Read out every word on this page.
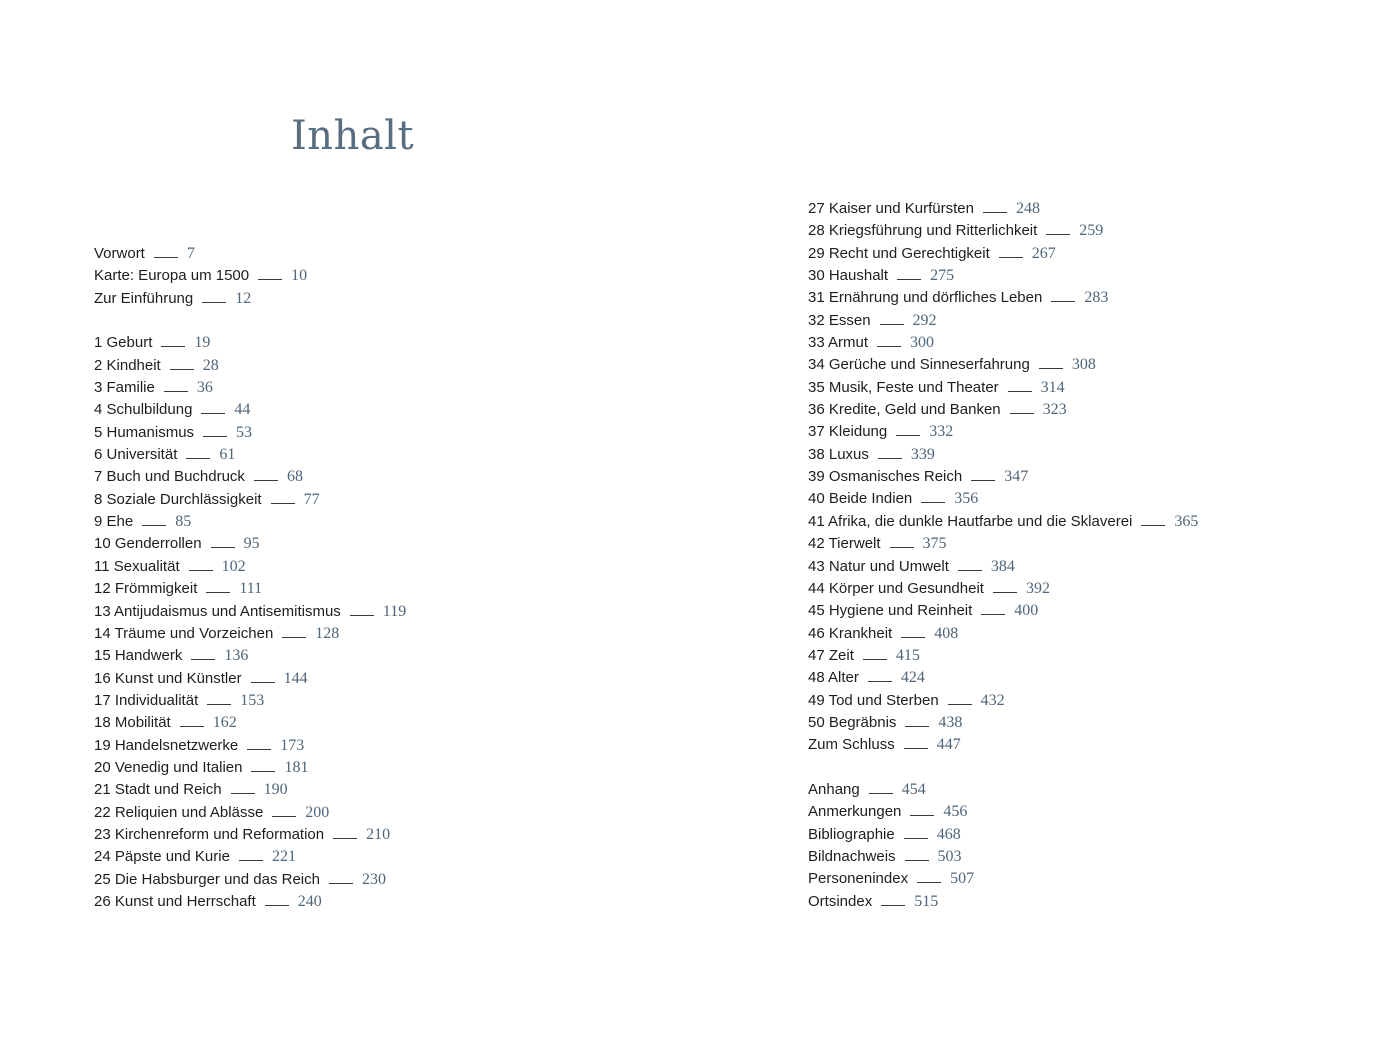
Inhalt
Vorwort	7
Karte: Europa um 1500	10
Zur Einführung	12
1 Geburt	19
2 Kindheit	28
3 Familie	36
4 Schulbildung	44
5 Humanismus	53
6 Universität	61
7 Buch und Buchdruck	68
8 Soziale Durchlässigkeit	77
9 Ehe	85
10 Genderrollen	95
11 Sexualität	102
12 Frömmigkeit	111
13 Antijudaismus und Antisemitismus	119
14 Träume und Vorzeichen	128
15 Handwerk	136
16 Kunst und Künstler	144
17 Individualität	153
18 Mobilität	162
19 Handelsnetzwerke	173
20 Venedig und Italien	181
21 Stadt und Reich	190
22 Reliquien und Ablässe	200
23 Kirchenreform und Reformation	210
24 Päpste und Kurie	221
25 Die Habsburger und das Reich	230
26 Kunst und Herrschaft	240
27 Kaiser und Kurfürsten	248
28 Kriegsführung und Ritterlichkeit	259
29 Recht und Gerechtigkeit	267
30 Haushalt	275
31 Ernährung und dörfliches Leben	283
32 Essen	292
33 Armut	300
34 Gerüche und Sinneserfahrung	308
35 Musik, Feste und Theater	314
36 Kredite, Geld und Banken	323
37 Kleidung	332
38 Luxus	339
39 Osmanisches Reich	347
40 Beide Indien	356
41 Afrika, die dunkle Hautfarbe und die Sklaverei	365
42 Tierwelt	375
43 Natur und Umwelt	384
44 Körper und Gesundheit	392
45 Hygiene und Reinheit	400
46 Krankheit	408
47 Zeit	415
48 Alter	424
49 Tod und Sterben	432
50 Begräbnis	438
Zum Schluss	447
Anhang	454
Anmerkungen	456
Bibliographie	468
Bildnachweis	503
Personenindex	507
Ortsindex	515
